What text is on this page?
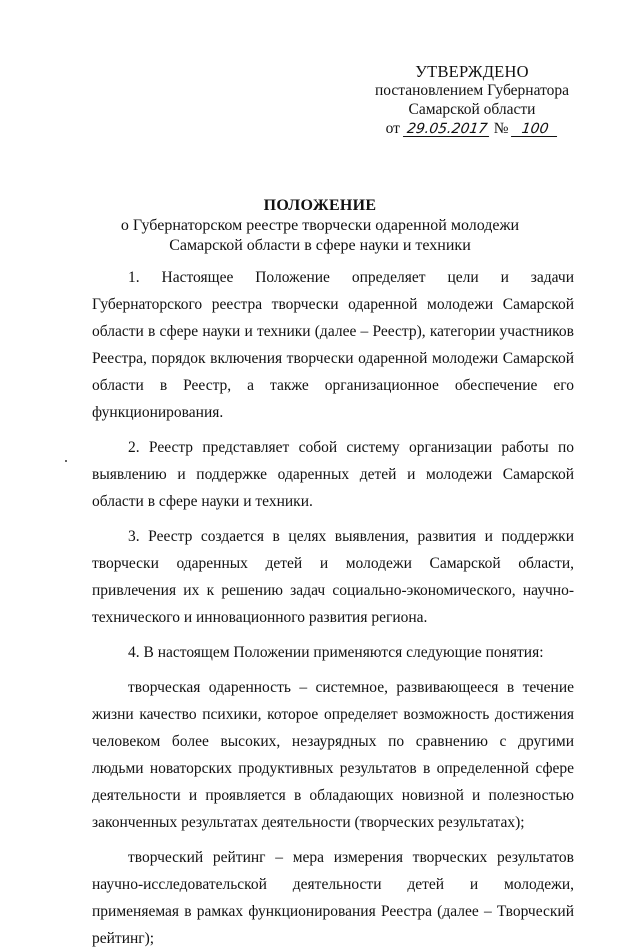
УТВЕРЖДЕНО
постановлением Губернатора
Самарской области
от 29.05.2017 № 100
ПОЛОЖЕНИЕ
о Губернаторском реестре творчески одаренной молодежи
Самарской области в сфере науки и техники

1. Настоящее Положение определяет цели и задачи Губернаторского реестра творчески одаренной молодежи Самарской области в сфере науки и техники (далее – Реестр), категории участников Реестра, порядок включения творчески одаренной молодежи Самарской области в Реестр, а также организационное обеспечение его функционирования.

2. Реестр представляет собой систему организации работы по выявлению и поддержке одаренных детей и молодежи Самарской области в сфере науки и техники.

3. Реестр создается в целях выявления, развития и поддержки творчески одаренных детей и молодежи Самарской области, привлечения их к решению задач социально-экономического, научно-технического и инновационного развития региона.

4. В настоящем Положении применяются следующие понятия:

творческая одаренность – системное, развивающееся в течение жизни качество психики, которое определяет возможность достижения человеком более высоких, незаурядных по сравнению с другими людьми новаторских продуктивных результатов в определенной сфере деятельности и проявляется в обладающих новизной и полезностью законченных результатах деятельности (творческих результатах);

творческий рейтинг – мера измерения творческих результатов научно-исследовательской деятельности детей и молодежи, применяемая в рамках функционирования Реестра (далее – Творческий рейтинг);
